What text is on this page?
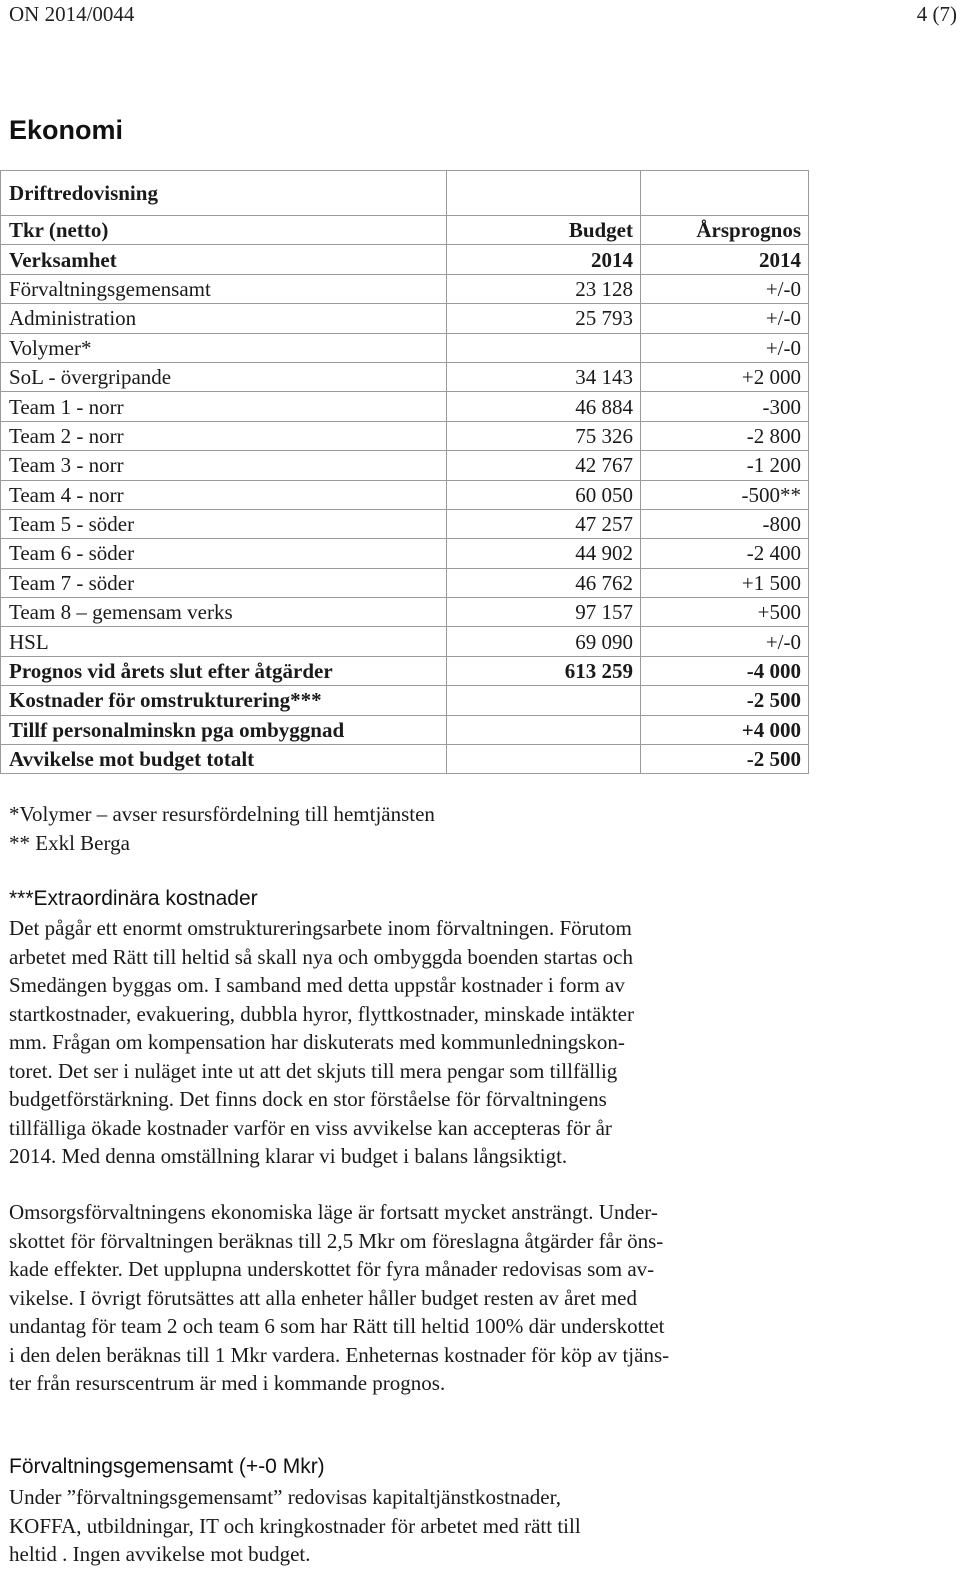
ON 2014/0044	4 (7)
Ekonomi
Driftredovisning		
Tkr (netto)	Budget	Årsprognos
Verksamhet	2014	2014
Förvaltningsgemensamt	23 128	+/-0
Administration	25 793	+/-0
Volymer*		+/-0
SoL - övergripande	34 143	+2 000
Team 1 - norr	46 884	-300
Team 2 - norr	75 326	-2 800
Team 3 - norr	42 767	-1 200
Team 4 - norr	60 050	-500**
Team 5 - söder	47 257	-800
Team 6 - söder	44 902	-2 400
Team 7 - söder	46 762	+1 500
Team 8 – gemensam verks	97 157	+500
HSL	69 090	+/-0
Prognos vid årets slut efter åtgärder	613 259	-4 000
Kostnader för omstrukturering***		-2 500
Tillf personalminskn pga ombyggnad		+4 000
Avvikelse mot budget totalt		-2 500
*Volymer – avser resursfördelning till hemtjänsten
** Exkl Berga
***Extraordinära kostnader

Det pågår ett enormt omstruktureringsarbete inom förvaltningen. Förutom
arbetet med Rätt till heltid så skall nya och ombyggda boenden startas och
Smedängen byggas om. I samband med detta uppstår kostnader i form av
startkostnader, evakuering, dubbla hyror, flyttkostnader, minskade intäkter
mm. Frågan om kompensation har diskuterats med kommunledningskon-
toret. Det ser i nuläget inte ut att det skjuts till mera pengar som tillfällig
budgetförstärkning. Det finns dock en stor förståelse för förvaltningens
tillfälliga ökade kostnader varför en viss avvikelse kan accepteras för år
2014. Med denna omställning klarar vi budget i balans långsiktigt.

Omsorgsförvaltningens ekonomiska läge är fortsatt mycket ansträngt. Under-
skottet för förvaltningen beräknas till 2,5 Mkr om föreslagna åtgärder får öns-
kade effekter. Det upplupna underskottet för fyra månader redovisas som av-
vikelse. I övrigt förutsättes att alla enheter håller budget resten av året med
undantag för team 2 och team 6 som har Rätt till heltid 100% där underskottet
i den delen beräknas till 1 Mkr vardera. Enheternas kostnader för köp av tjäns-
ter från resurscentrum är med i kommande prognos.

Förvaltningsgemensamt (+-0 Mkr)

Under ”förvaltningsgemensamt” redovisas kapitaltjänstkostnader,
KOFFA, utbildningar, IT och kringkostnader för arbetet med rätt till
heltid . Ingen avvikelse mot budget.
